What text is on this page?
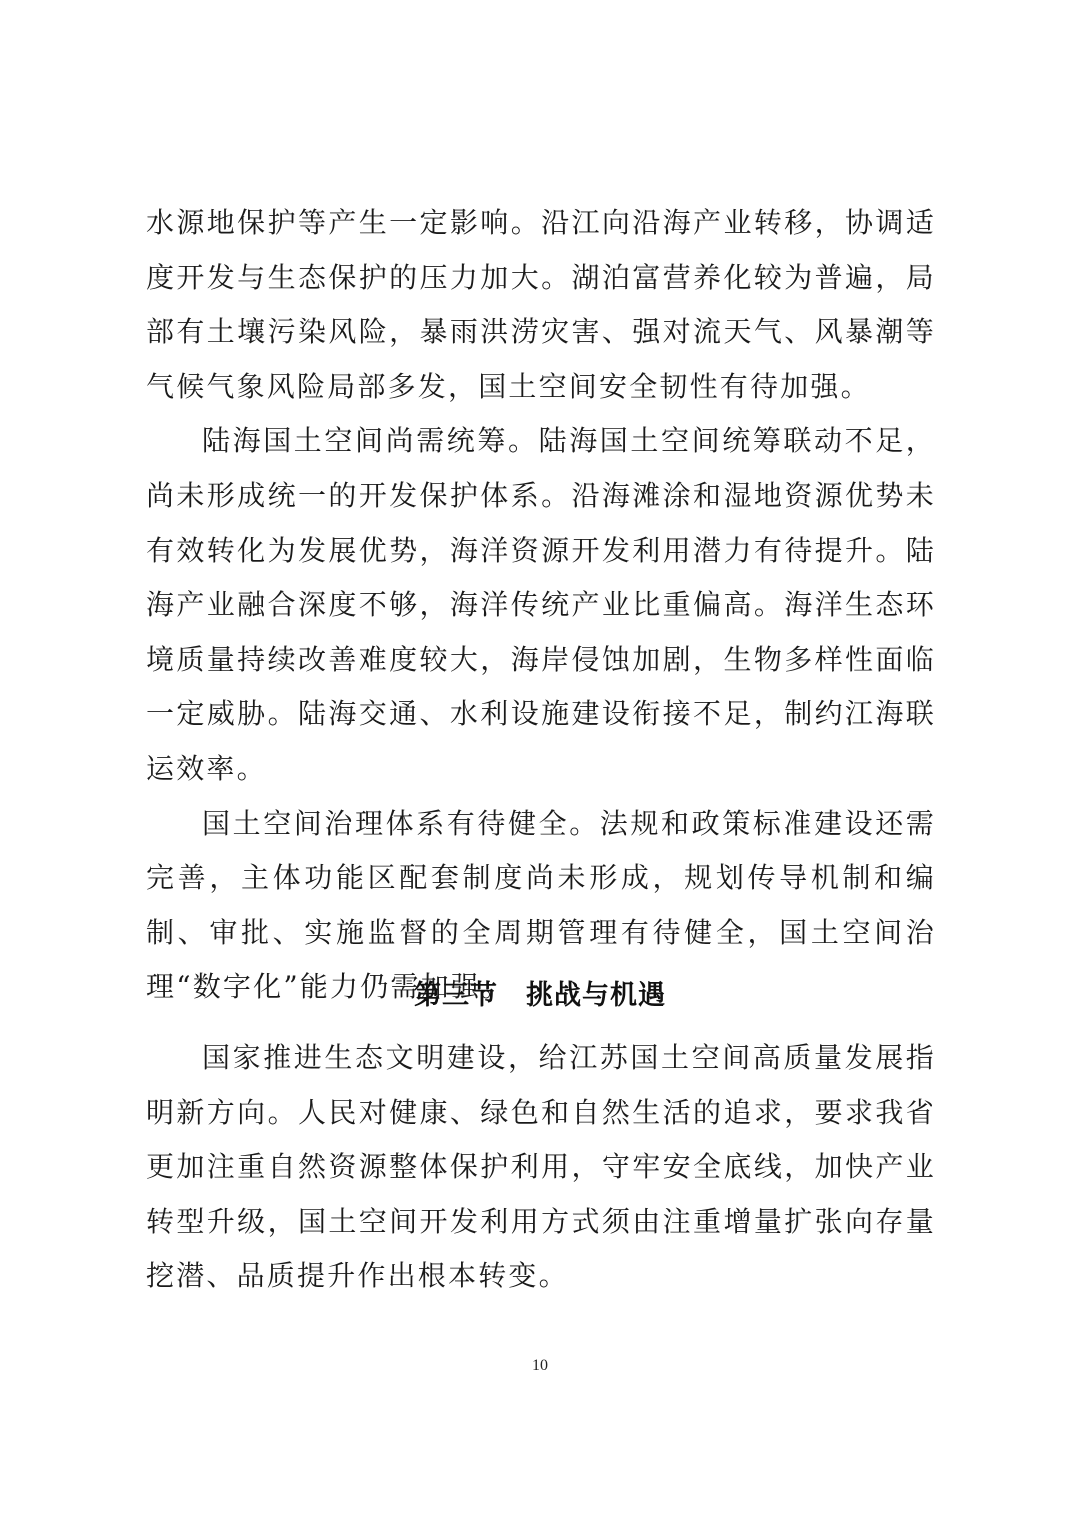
水源地保护等产生一定影响。沿江向沿海产业转移，协调适度开发与生态保护的压力加大。湖泊富营养化较为普遍，局部有土壤污染风险，暴雨洪涝灾害、强对流天气、风暴潮等气候气象风险局部多发，国土空间安全韧性有待加强。

陆海国土空间尚需统筹。陆海国土空间统筹联动不足，尚未形成统一的开发保护体系。沿海滩涂和湿地资源优势未有效转化为发展优势，海洋资源开发利用潜力有待提升。陆海产业融合深度不够，海洋传统产业比重偏高。海洋生态环境质量持续改善难度较大，海岸侵蚀加剧，生物多样性面临一定威胁。陆海交通、水利设施建设衔接不足，制约江海联运效率。

国土空间治理体系有待健全。法规和政策标准建设还需完善，主体功能区配套制度尚未形成，规划传导机制和编制、审批、实施监督的全周期管理有待健全，国土空间治理“数字化”能力仍需加强。

第三节　挑战与机遇

国家推进生态文明建设，给江苏国土空间高质量发展指明新方向。人民对健康、绿色和自然生活的追求，要求我省更加注重自然资源整体保护利用，守牢安全底线，加快产业转型升级，国土空间开发利用方式须由注重增量扩张向存量挖潜、品质提升作出根本转变。

10
